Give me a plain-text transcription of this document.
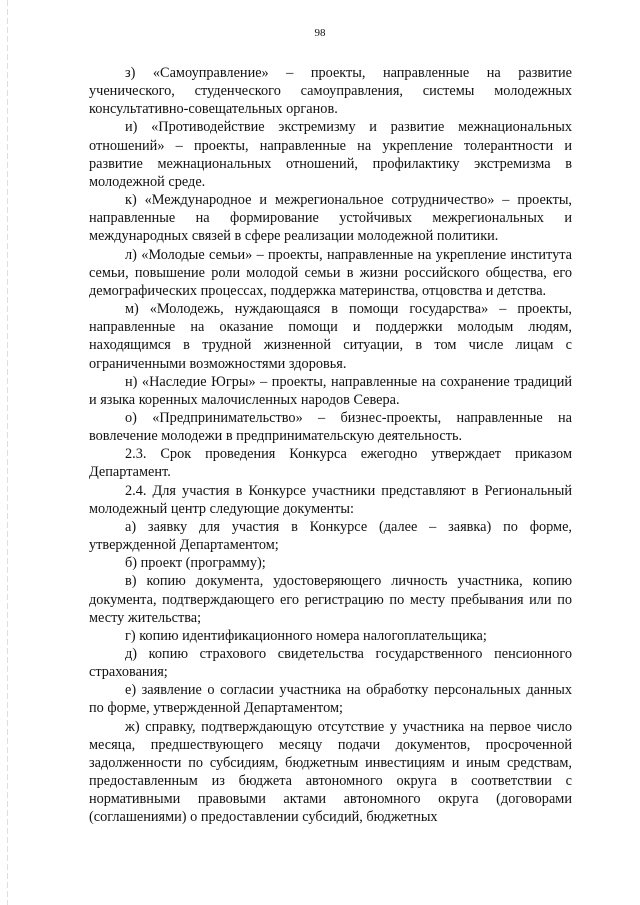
98

з) «Самоуправление» – проекты, направленные на развитие ученического, студенческого самоуправления, системы молодежных консультативно-совещательных органов.

и) «Противодействие экстремизму и развитие межнациональных отношений» – проекты, направленные на укрепление толерантности и развитие межнациональных отношений, профилактику экстремизма в молодежной среде.

к) «Международное и межрегиональное сотрудничество» – проекты, направленные на формирование устойчивых межрегиональных и международных связей в сфере реализации молодежной политики.

л) «Молодые семьи» – проекты, направленные на укрепление института семьи, повышение роли молодой семьи в жизни российского общества, его демографических процессах, поддержка материнства, отцовства и детства.

м) «Молодежь, нуждающаяся в помощи государства» – проекты, направленные на оказание помощи и поддержки молодым людям, находящимся в трудной жизненной ситуации, в том числе лицам с ограниченными возможностями здоровья.

н) «Наследие Югры» – проекты, направленные на сохранение традиций и языка коренных малочисленных народов Севера.

о) «Предпринимательство» – бизнес-проекты, направленные на вовлечение молодежи в предпринимательскую деятельность.

2.3. Срок проведения Конкурса ежегодно утверждает приказом Департамент.

2.4. Для участия в Конкурсе участники представляют в Региональный молодежный центр следующие документы:

а) заявку для участия в Конкурсе (далее – заявка) по форме, утвержденной Департаментом;

б) проект (программу);

в) копию документа, удостоверяющего личность участника, копию документа, подтверждающего его регистрацию по месту пребывания или по месту жительства;

г) копию идентификационного номера налогоплательщика;

д) копию страхового свидетельства государственного пенсионного страхования;

е) заявление о согласии участника на обработку персональных данных по форме, утвержденной Департаментом;

ж) справку, подтверждающую отсутствие у участника на первое число месяца, предшествующего месяцу подачи документов, просроченной задолженности по субсидиям, бюджетным инвестициям и иным средствам, предоставленным из бюджета автономного округа в соответствии с нормативными правовыми актами автономного округа (договорами (соглашениями) о предоставлении субсидий, бюджетных
